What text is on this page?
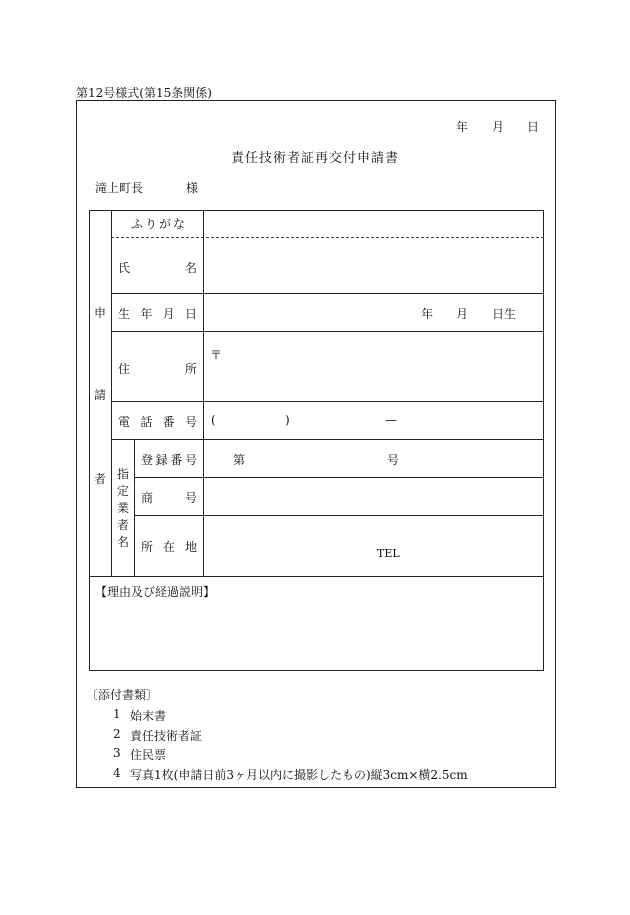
第12号様式(第15条関係)
年 月 日
責任技術者証再交付申請書
滝上町長	様
申
請
者
ふりがな
氏	名
生 年 月 日	年 月 日生
住	所
〒
電 話 番 号 (	)	—
指
定
業
者
名
登 録 番 号	第	号
商	号
所 在 地	TEL
【理由及び経過説明】
〔添付書類〕
1 始末書
2 責任技術者証
3 住民票
4 写真1枚(申請日前3ヶ月以内に撮影したもの)縦3cm×横2.5cm
